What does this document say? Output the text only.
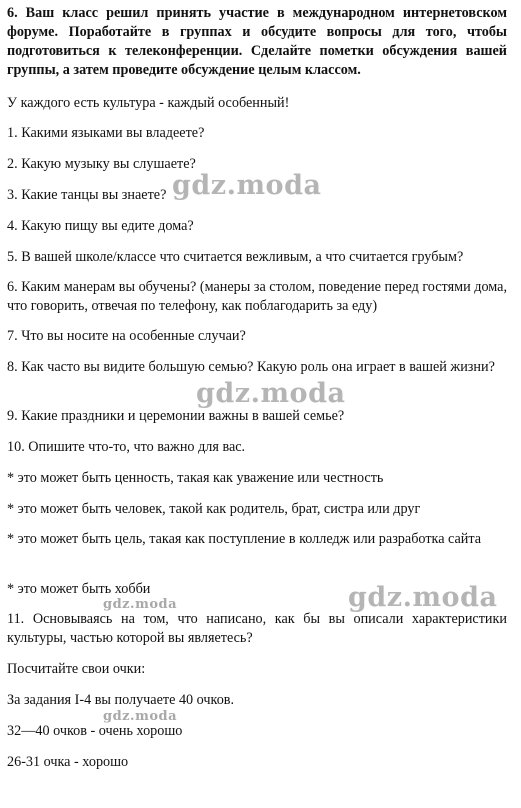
6. Ваш класс решил принять участие в международном интернетовском форуме. Поработайте в группах и обсудите вопросы для того, чтобы подготовиться к телеконференции. Сделайте пометки обсуждения вашей группы, а затем проведите обсуждение целым классом.

У каждого есть культура - каждый особенный!

1. Какими языками вы владеете?

2. Какую музыку вы слушаете?

3. Какие танцы вы знаете?

4. Какую пищу вы едите дома?

5. В вашей школе/классе что считается вежливым, а что считается грубым?

6. Каким манерам вы обучены? (манеры за столом, поведение перед гостями дома, что говорить, отвечая по телефону, как поблагодарить за еду)

7. Что вы носите на особенные случаи?

8. Как часто вы видите большую семью? Какую роль она играет в вашей жизни?

9. Какие праздники и церемонии важны в вашей семье?

10. Опишите что-то, что важно для вас.

* это может быть ценность, такая как уважение или честность

* это может быть человек, такой как родитель, брат, систра или друг

* это может быть цель, такая как поступление в колледж или разработка сайта

* это может быть хобби

11. Основываясь на том, что написано, как бы вы описали характеристики культуры, частью которой вы являетесь?

Посчитайте свои очки:

За задания I-4 вы получаете 40 очков.

32—40 очков - очень хорошо

26-31 очка - хорошо

gdz.moda
gdz.moda
gdz.moda
gdz.moda
gdz.moda
